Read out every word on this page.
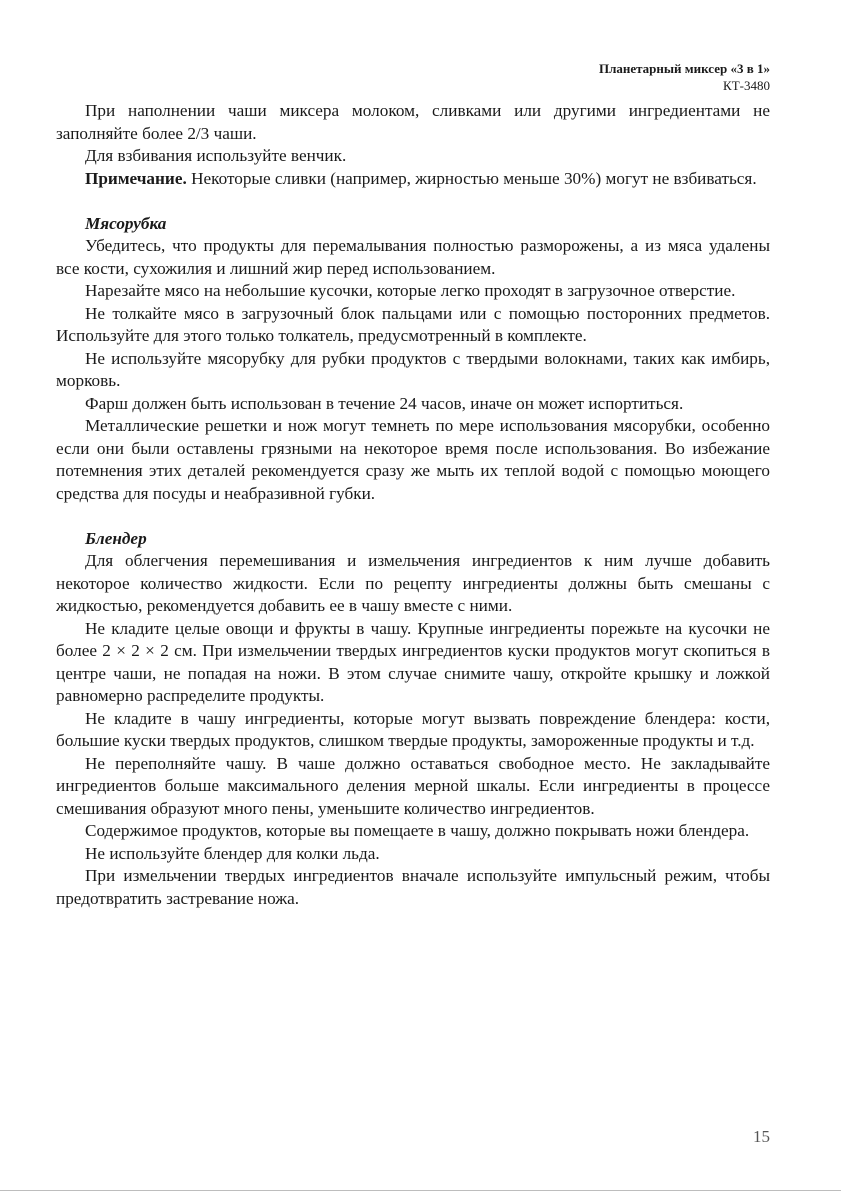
Планетарный миксер «3 в 1»
КТ-3480

При наполнении чаши миксера молоком, сливками или другими ингредиентами не заполняйте более 2/3 чаши.

Для взбивания используйте венчик.

Примечание. Некоторые сливки (например, жирностью меньше 30%) могут не взбиваться.

Мясорубка

Убедитесь, что продукты для перемалывания полностью разморожены, а из мяса удалены все кости, сухожилия и лишний жир перед использованием.

Нарезайте мясо на небольшие кусочки, которые легко проходят в загрузочное отверстие.

Не толкайте мясо в загрузочный блок пальцами или с помощью посторонних предметов. Используйте для этого только толкатель, предусмотренный в комплекте.

Не используйте мясорубку для рубки продуктов с твердыми волокнами, таких как имбирь, морковь.

Фарш должен быть использован в течение 24 часов, иначе он может испортиться.

Металлические решетки и нож могут темнеть по мере использования мясорубки, особенно если они были оставлены грязными на некоторое время после использования. Во избежание потемнения этих деталей рекомендуется сразу же мыть их теплой водой с помощью моющего средства для посуды и неабразивной губки.

Блендер

Для облегчения перемешивания и измельчения ингредиентов к ним лучше добавить некоторое количество жидкости. Если по рецепту ингредиенты должны быть смешаны с жидкостью, рекомендуется добавить ее в чашу вместе с ними.

Не кладите целые овощи и фрукты в чашу. Крупные ингредиенты порежьте на кусочки не более 2 × 2 × 2 см. При измельчении твердых ингредиентов куски продуктов могут скопиться в центре чаши, не попадая на ножи. В этом случае снимите чашу, откройте крышку и ложкой равномерно распределите продукты.

Не кладите в чашу ингредиенты, которые могут вызвать повреждение блендера: кости, большие куски твердых продуктов, слишком твердые продукты, замороженные продукты и т.д.

Не переполняйте чашу. В чаше должно оставаться свободное место. Не закладывайте ингредиентов больше максимального деления мерной шкалы. Если ингредиенты в процессе смешивания образуют много пены, уменьшите количество ингредиентов.

Содержимое продуктов, которые вы помещаете в чашу, должно покрывать ножи блендера.

Не используйте блендер для колки льда.

При измельчении твердых ингредиентов вначале используйте импульсный режим, чтобы предотвратить застревание ножа.

15
